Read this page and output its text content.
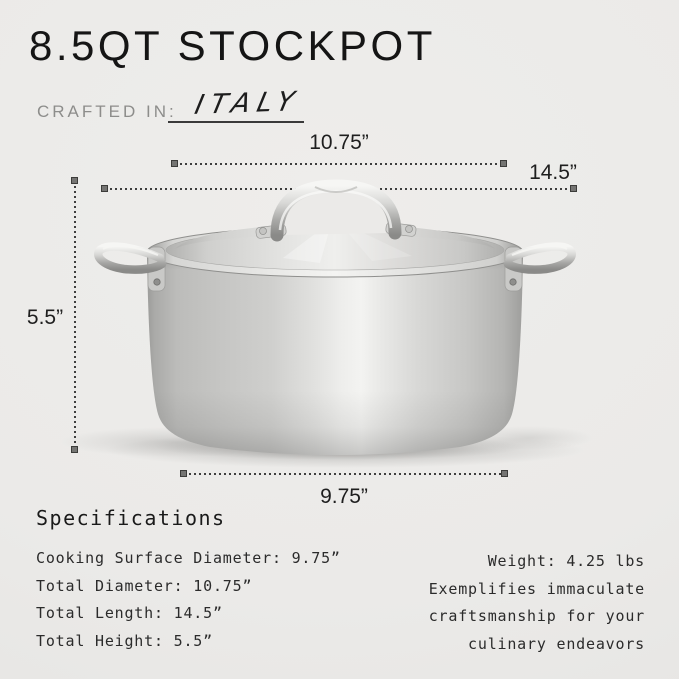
8.5QT STOCKPOT
CRAFTED IN: ITALY
10.75”
14.5”
5.5”
9.75”
Specifications
Cooking Surface Diameter: 9.75”
Total Diameter: 10.75”
Total Length: 14.5”
Total Height: 5.5”
Weight: 4.25 lbs
Exemplifies immaculate
craftsmanship for your
culinary endeavors
